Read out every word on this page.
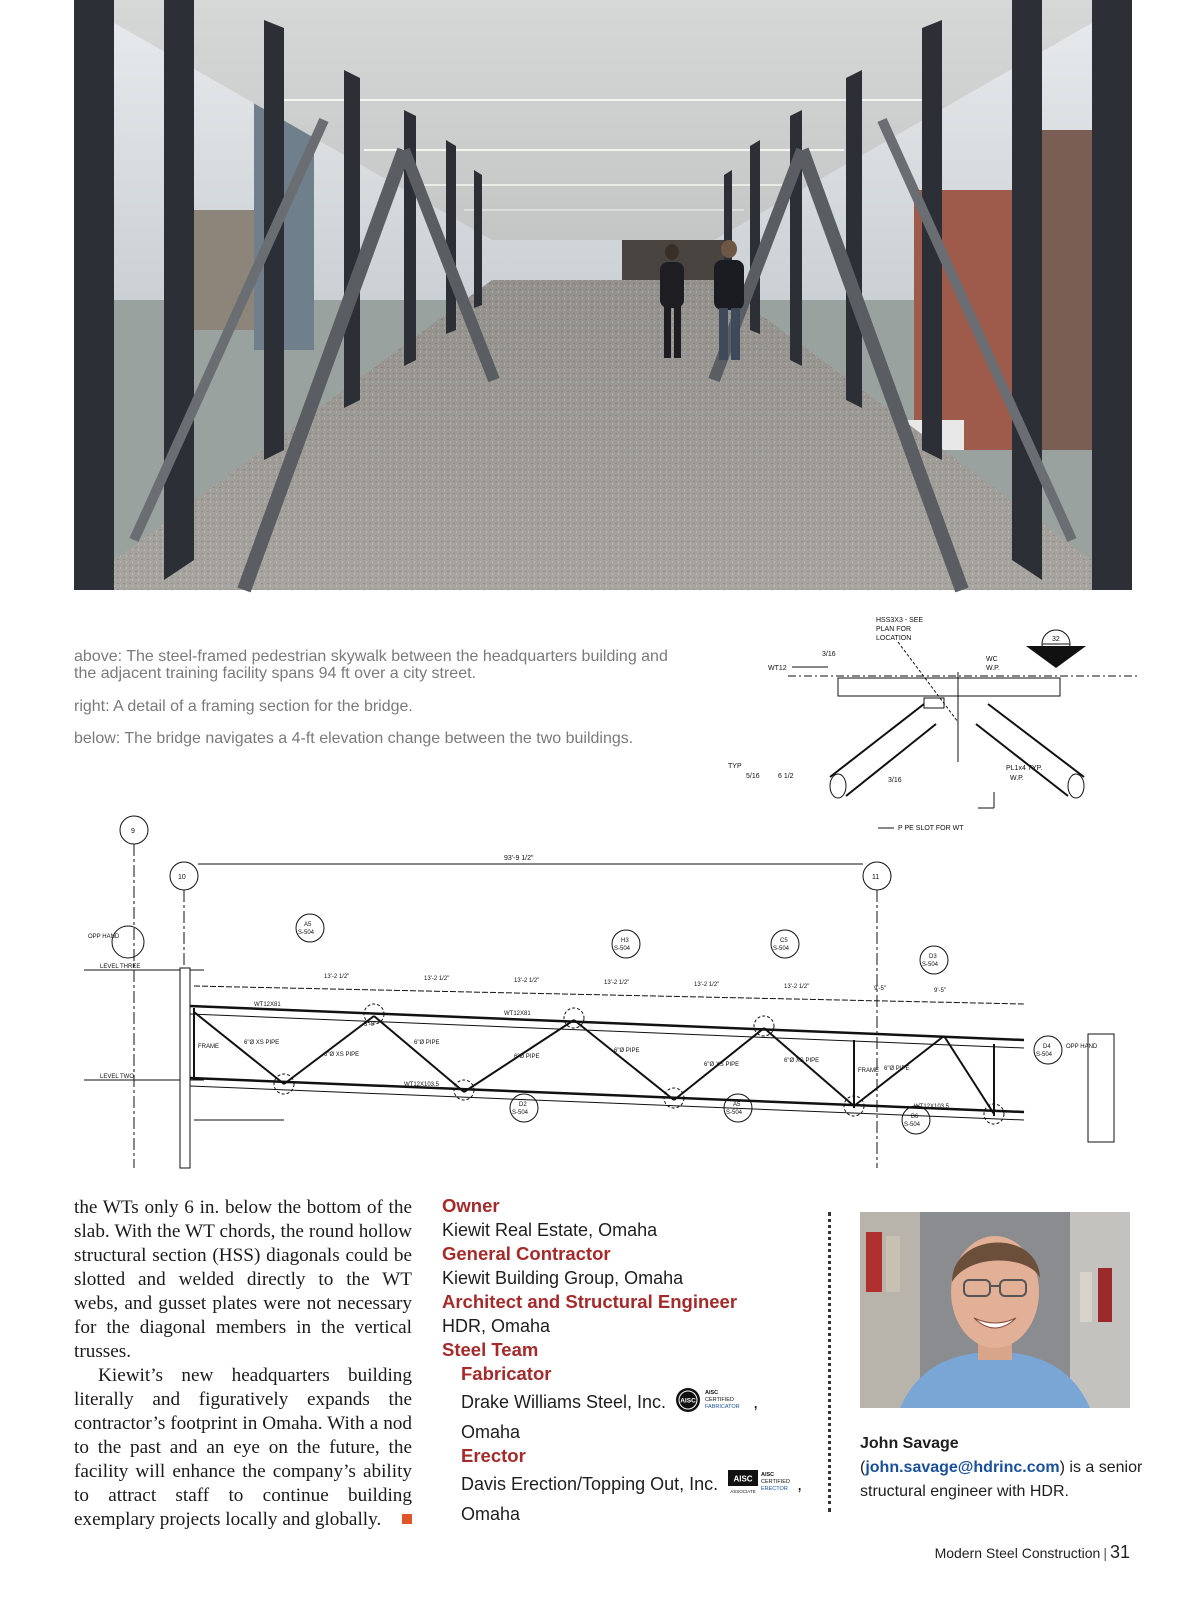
above: The steel-framed pedestrian skywalk between the headquarters building and the adjacent training facility spans 94 ft over a city street.
right: A detail of a framing section for the bridge.
below: The bridge navigates a 4-ft elevation change between the two buildings.
HSS3X3 - SEE
PLAN FOR
LOCATION
WT12
3/16
WC
W.P.
32
TYP
5/16	6 1/2
3/16
PL1x4 TYP.
W.P.
P PE SLOT FOR WT
9
10	11
93'-9 1/2"
LEVEL THREE
LEVEL TWO
OPP HAND
WT12X81
WT12X81
WT12X103.5
WT12X103.5
FRAME
FRAME
6"Ø XS PIPE
6"Ø XS PIPE
6"Ø PIPE
6"Ø PIPE
6"Ø PIPE
6"Ø XS PIPE
6"Ø XS PIPE
6"Ø PIPE
A5
S-504
H3
S-504
C5
S-504
D3
S-504
D2
S-504
A5
S-504
B6
S-504
D4
S-504
OPP HAND
13'-2 1/2"	13'-2 1/2"	13'-2 1/2"	13'-2 1/2"	13'-2 1/2"	13'-2 1/2"	9'-5"	9'-5"
3'-0"

the WTs only 6 in. below the bottom of the slab. With the WT chords, the round hollow structural section (HSS) diagonals could be slotted and welded directly to the WT webs, and gusset plates were not necessary for the diagonal members in the vertical trusses.

Kiewit’s new headquarters building literally and figuratively expands the contractor’s footprint in Omaha. With a nod to the past and an eye on the future, the facility will enhance the company’s ability to attract staff to continue building exemplary projects locally and globally.

Owner
Kiewit Real Estate, Omaha
General Contractor
Kiewit Building Group, Omaha
Architect and Structural Engineer
HDR, Omaha
Steel Team
Fabricator
Drake Williams Steel, Inc. AISC
AISC
CERTIFIED
FABRICATOR ,
Omaha
Erector
Davis Erection/Topping Out, Inc. AISC
ASSOCIATE
AISC
CERTIFIED
ERECTOR ,
Omaha
John Savage
(john.savage@hdrinc.com) is a senior structural engineer with HDR.
Modern Steel Construction | 31
